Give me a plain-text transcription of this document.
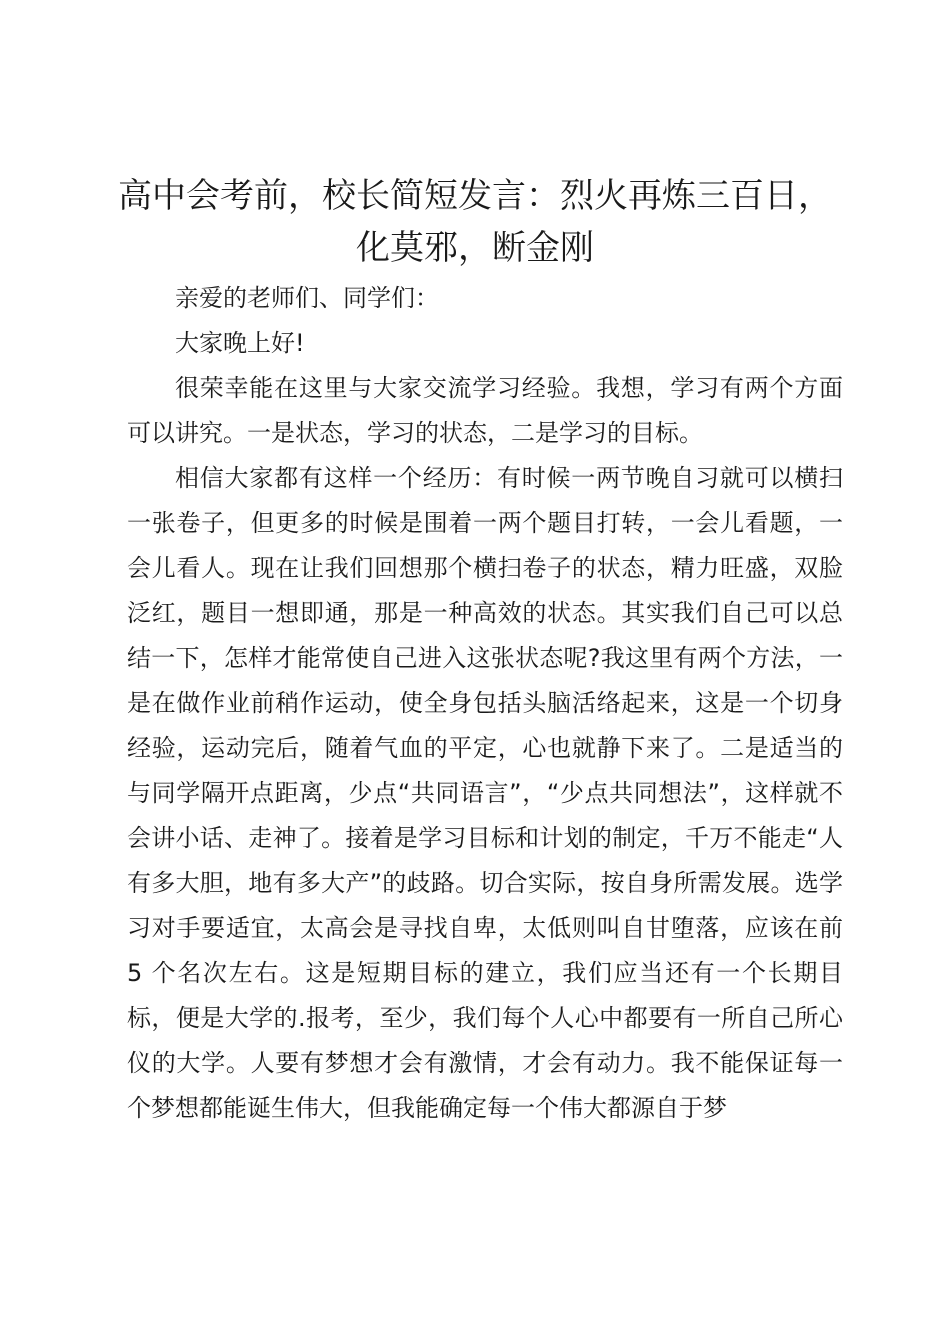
高中会考前，校长简短发言：烈火再炼三百日，化莫邪，断金刚

亲爱的老师们、同学们：

大家晚上好!

很荣幸能在这里与大家交流学习经验。我想，学习有两个方面可以讲究。一是状态，学习的状态，二是学习的目标。

相信大家都有这样一个经历：有时候一两节晚自习就可以横扫一张卷子，但更多的时候是围着一两个题目打转，一会儿看题，一会儿看人。现在让我们回想那个横扫卷子的状态，精力旺盛，双脸泛红，题目一想即通，那是一种高效的状态。其实我们自己可以总结一下，怎样才能常使自己进入这张状态呢?我这里有两个方法，一是在做作业前稍作运动，使全身包括头脑活络起来，这是一个切身经验，运动完后，随着气血的平定，心也就静下来了。二是适当的与同学隔开点距离，少点“共同语言”，“少点共同想法”，这样就不会讲小话、走神了。接着是学习目标和计划的制定，千万不能走“人有多大胆，地有多大产”的歧路。切合实际，按自身所需发展。选学习对手要适宜，太高会是寻找自卑，太低则叫自甘堕落，应该在前 5 个名次左右。这是短期目标的建立，我们应当还有一个长期目标，便是大学的.报考，至少，我们每个人心中都要有一所自己所心仪的大学。人要有梦想才会有激情，才会有动力。我不能保证每一个梦想都能诞生伟大，但我能确定每一个伟大都源自于梦
